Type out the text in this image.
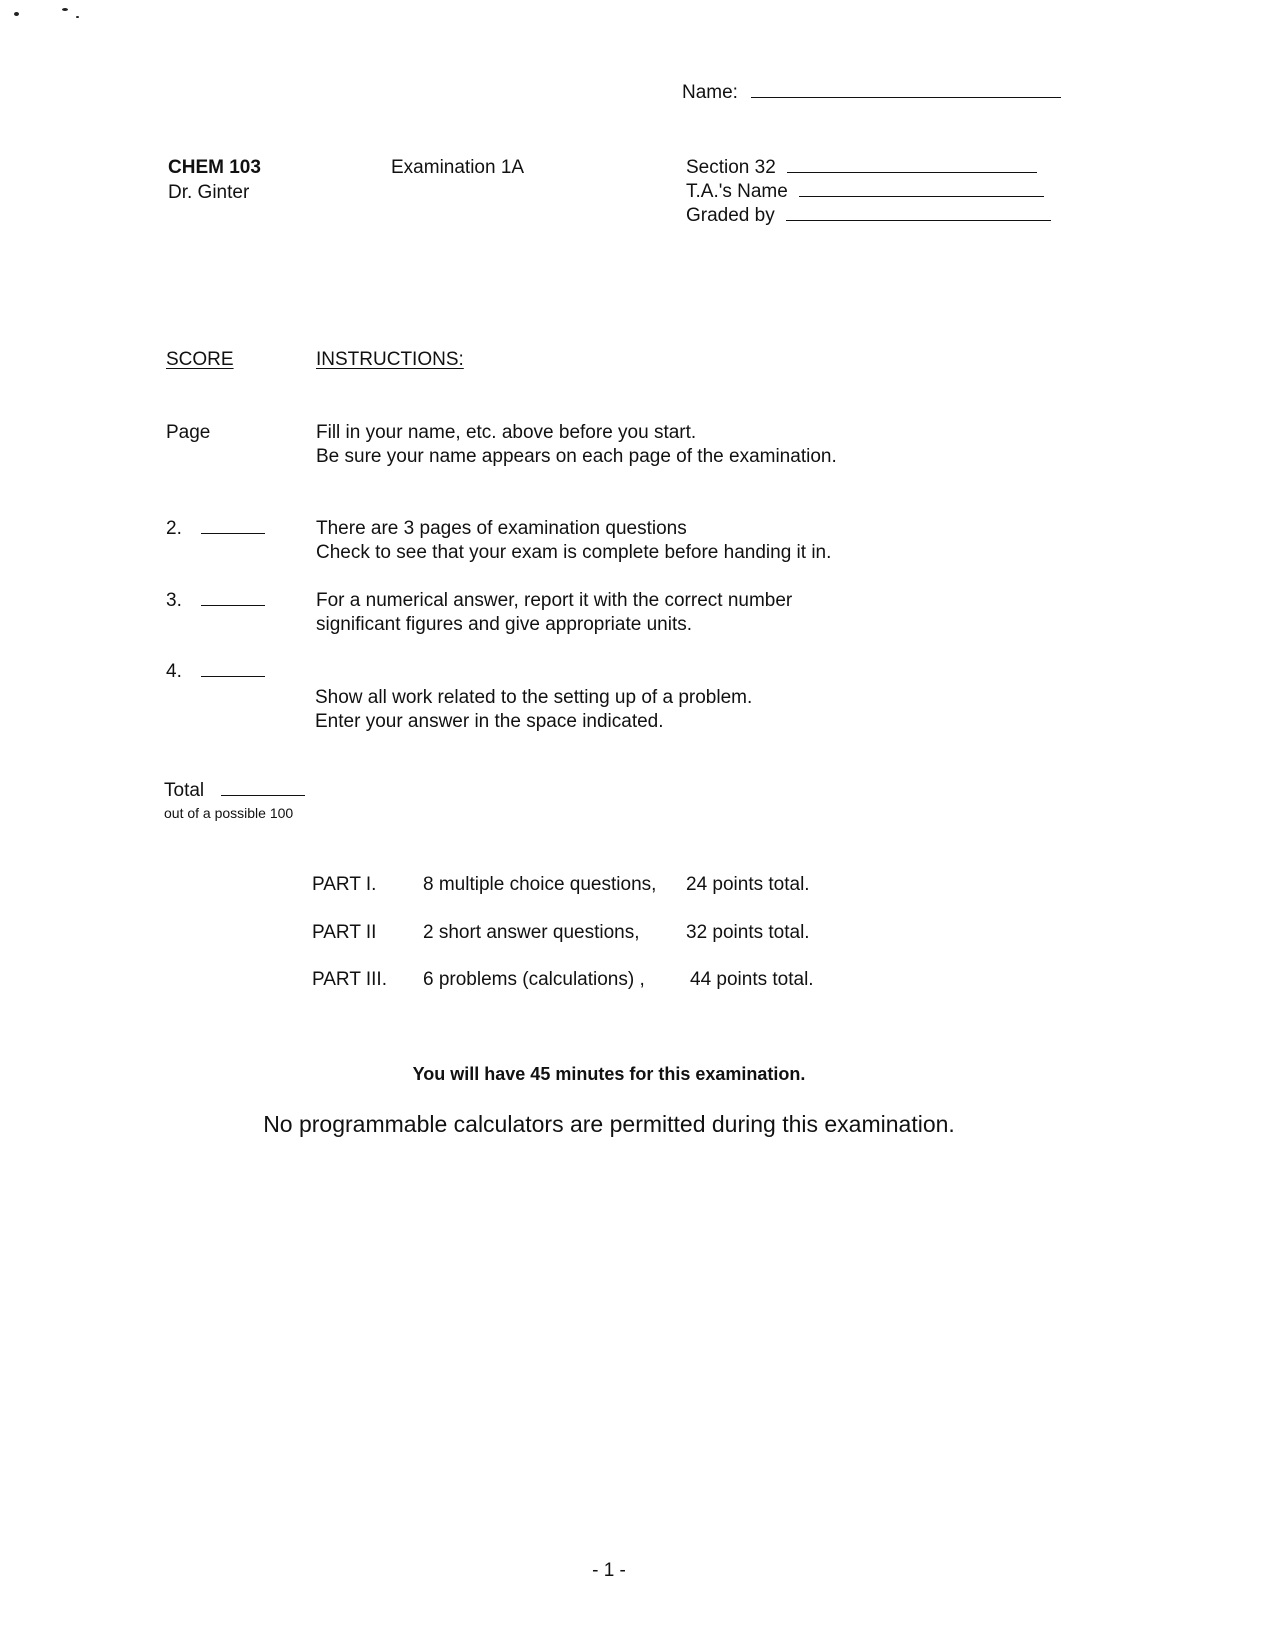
Name:
CHEM 103
Dr. Ginter
Examination 1A	Section 32
T.A.'s Name
Graded by
SCORE	INSTRUCTIONS:
Page
2.
3.
4.
Total
out of a possible 100
Fill in your name, etc. above before you start.
Be sure your name appears on each page of the examination.
There are 3 pages of examination questions
Check to see that your exam is complete before handing it in.
For a numerical answer, report it with the correct number
significant figures and give appropriate units.
Show all work related to the setting up of a problem.
Enter your answer in the space indicated.
PART I. 8 multiple choice questions, 24 points total.
PART II 2 short answer questions, 32 points total.
PART III. 6 problems (calculations) , 44 points total.
You will have 45 minutes for this examination.
No programmable calculators are permitted during this examination.
- 1 -
